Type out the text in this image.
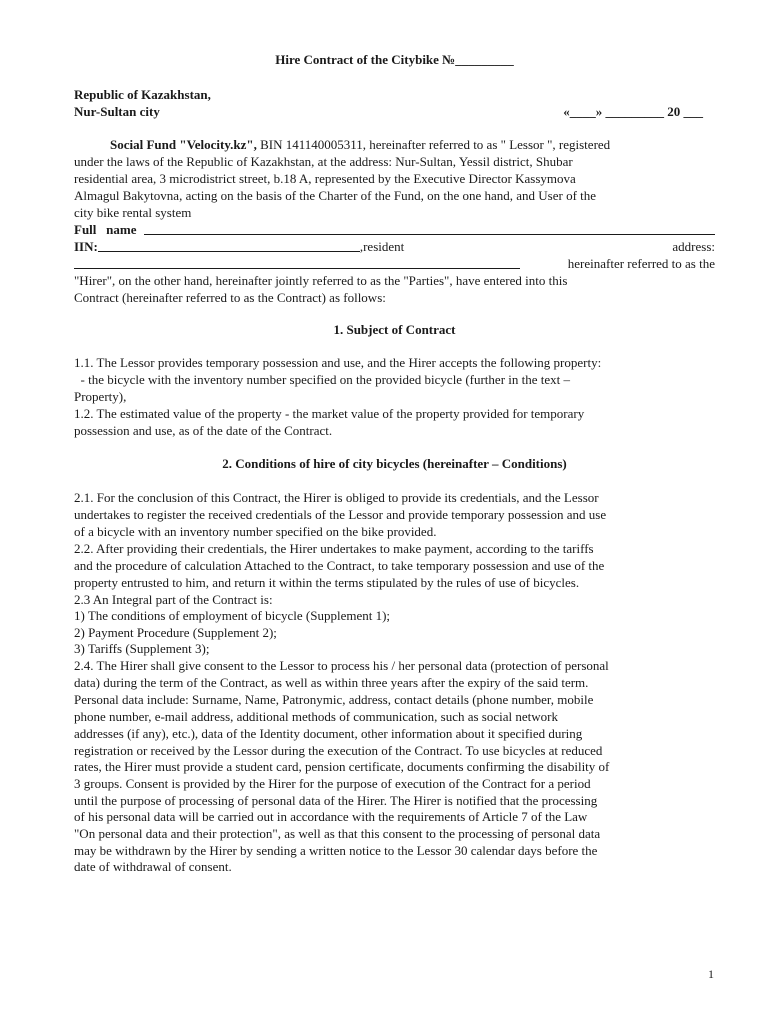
Hire Contract of the Citybike №_________
Republic of Kazakhstan,
Nur-Sultan city	«____» _________ 20 ___
Social Fund "Velocity.kz", BIN 141140005311, hereinafter referred to as " Lessor ", registered
under the laws of the Republic of Kazakhstan, at the address: Nur-Sultan, Yessil district, Shubar
residential area, 3 microdistrict street, b.18 A, represented by the Executive Director Kassymova
Almagul Bakytovna, acting on the basis of the Charter of the Fund, on the one hand, and User of the
city bike rental system
Full   name
IIN:	,resident	address:
hereinafter referred to as the
"Hirer", on the other hand, hereinafter jointly referred to as the "Parties", have entered into this
Contract (hereinafter referred to as the Contract) as follows:
1. Subject of Contract
1.1. The Lessor provides temporary possession and use, and the Hirer accepts the following property:
- the bicycle with the inventory number specified on the provided bicycle (further in the text –
Property),
1.2. The estimated value of the property - the market value of the property provided for temporary
possession and use, as of the date of the Contract.
2. Conditions of hire of city bicycles (hereinafter – Conditions)
2.1. For the conclusion of this Contract, the Hirer is obliged to provide its credentials, and the Lessor
undertakes to register the received credentials of the Lessor and provide temporary possession and use
of a bicycle with an inventory number specified on the bike provided.
2.2. After providing their credentials, the Hirer undertakes to make payment, according to the tariffs
and the procedure of calculation Attached to the Contract, to take temporary possession and use of the
property entrusted to him, and return it within the terms stipulated by the rules of use of bicycles.
2.3 An Integral part of the Contract is:
1) The conditions of employment of bicycle (Supplement 1);
2) Payment Procedure (Supplement 2);
3) Tariffs (Supplement 3);
2.4. The Hirer shall give consent to the Lessor to process his / her personal data (protection of personal
data) during the term of the Contract, as well as within three years after the expiry of the said term.
Personal data include: Surname, Name, Patronymic, address, contact details (phone number, mobile
phone number, e-mail address, additional methods of communication, such as social network
addresses (if any), etc.), data of the Identity document, other information about it specified during
registration or received by the Lessor during the execution of the Contract. To use bicycles at reduced
rates, the Hirer must provide a student card, pension certificate, documents confirming the disability of
3 groups. Consent is provided by the Hirer for the purpose of execution of the Contract for a period
until the purpose of processing of personal data of the Hirer. The Hirer is notified that the processing
of his personal data will be carried out in accordance with the requirements of Article 7 of the Law
"On personal data and their protection", as well as that this consent to the processing of personal data
may be withdrawn by the Hirer by sending a written notice to the Lessor 30 calendar days before the
date of withdrawal of consent.
1
